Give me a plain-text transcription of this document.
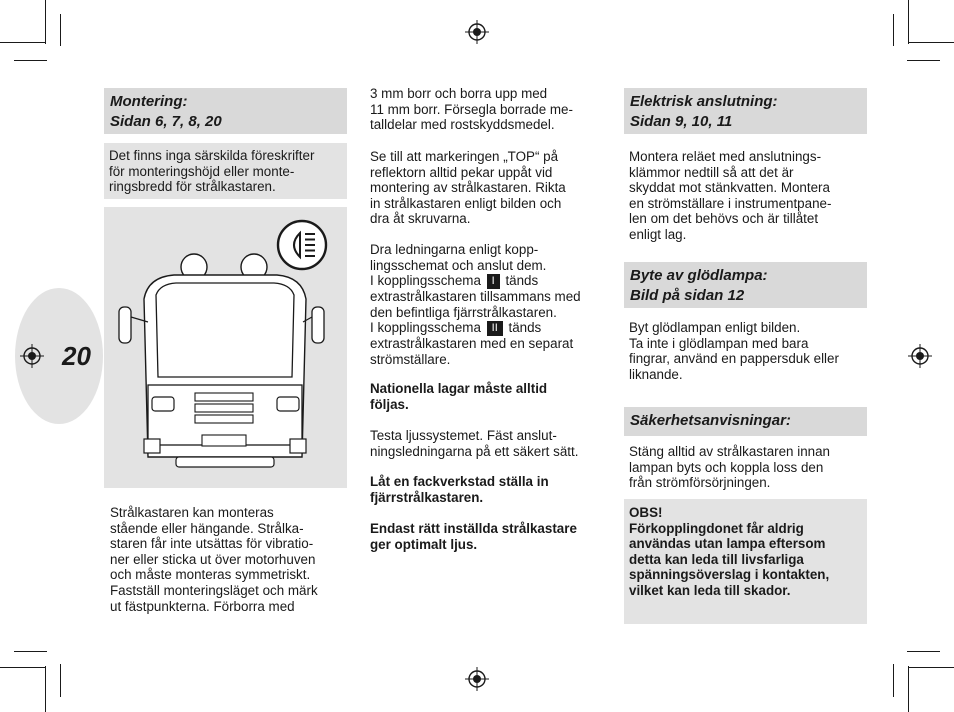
20
Montering:
Sidan 6, 7, 8, 20
Det finns inga särskilda föreskrifter
för monteringshöjd eller monte-
ringsbredd för strålkastaren.
Strålkastaren kan monteras
stående eller hängande. Strålka-
staren får inte utsättas för vibratio-
ner eller sticka ut över motorhuven
och måste monteras symmetriskt.
Fastställ monteringsläget och märk
ut fästpunkterna. Förborra med
3 mm borr och borra upp med
11 mm borr. Försegla borrade me-
talldelar med rostskyddsmedel.
Se till att markeringen „TOP“ på
reflektorn alltid pekar uppåt vid
montering av strålkastaren. Rikta
in strålkastaren enligt bilden och
dra åt skruvarna.
Dra ledningarna enligt kopp-
lingsschemat och anslut dem.
I kopplingsschema I tänds
extrastrålkastaren tillsammans med
den befintliga fjärrstrålkastaren.
I kopplingsschema II tänds
extrastrålkastaren med en separat
strömställare.
Nationella lagar måste alltid
följas.
Testa ljussystemet. Fäst anslut-
ningsledningarna på ett säkert sätt.
Låt en fackverkstad ställa in
fjärrstrålkastaren.
Endast rätt inställda strålkastare
ger optimalt ljus.
Elektrisk anslutning:
Sidan 9, 10, 11
Montera reläet med anslutnings-
klämmor nedtill så att det är
skyddat mot stänkvatten. Montera
en strömställare i instrumentpane-
len om det behövs och är tillåtet
enligt lag.
Byte av glödlampa:
Bild på sidan 12
Byt glödlampan enligt bilden.
Ta inte i glödlampan med bara
fingrar, använd en pappersduk eller
liknande.
Säkerhetsanvisningar:
Stäng alltid av strålkastaren innan
lampan byts och koppla loss den
från strömförsörjningen.
OBS!
Förkopplingdonet får aldrig
användas utan lampa eftersom
detta kan leda till livsfarliga
spänningsöverslag i kontakten,
vilket kan leda till skador.
